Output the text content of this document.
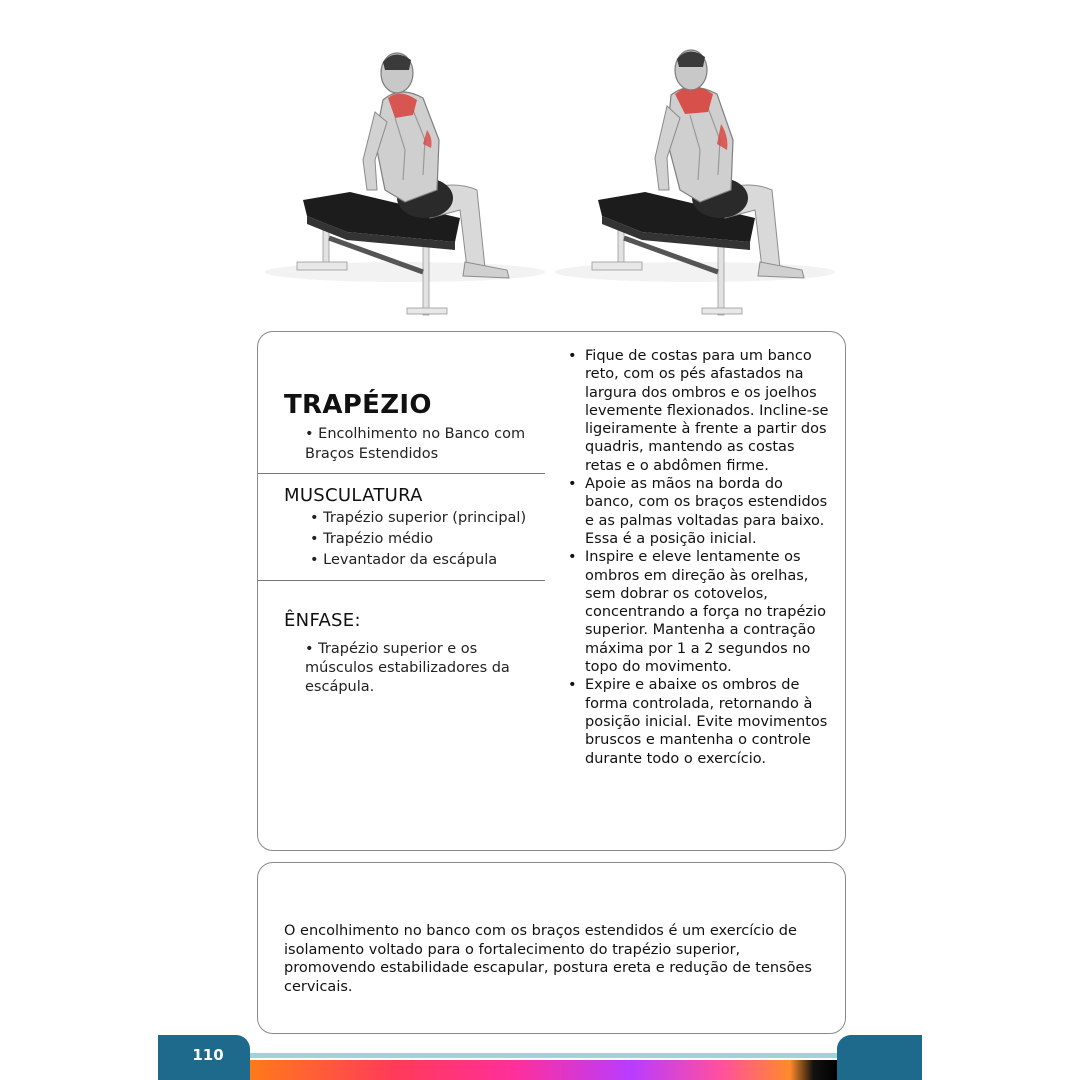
TRAPÉZIO
• Encolhimento no Banco com Braços Estendidos
MUSCULATURA
• Trapézio superior (principal)
• Trapézio médio
• Levantador da escápula
ÊNFASE:
• Trapézio superior e os músculos estabilizadores da escápula.
• Fique de costas para um banco reto, com os pés afastados na largura dos ombros e os joelhos levemente flexionados. Incline-se ligeiramente à frente a partir dos quadris, mantendo as costas retas e o abdômen firme.
• Apoie as mãos na borda do banco, com os braços estendidos e as palmas voltadas para baixo. Essa é a posição inicial.
• Inspire e eleve lentamente os ombros em direção às orelhas, sem dobrar os cotovelos, concentrando a força no trapézio superior. Mantenha a contração máxima por 1 a 2 segundos no topo do movimento.
• Expire e abaixe os ombros de forma controlada, retornando à posição inicial. Evite movimentos bruscos e mantenha o controle durante todo o exercício.
O encolhimento no banco com os braços estendidos é um exercício de isolamento voltado para o fortalecimento do trapézio superior, promovendo estabilidade escapular, postura ereta e redução de tensões cervicais.
110
